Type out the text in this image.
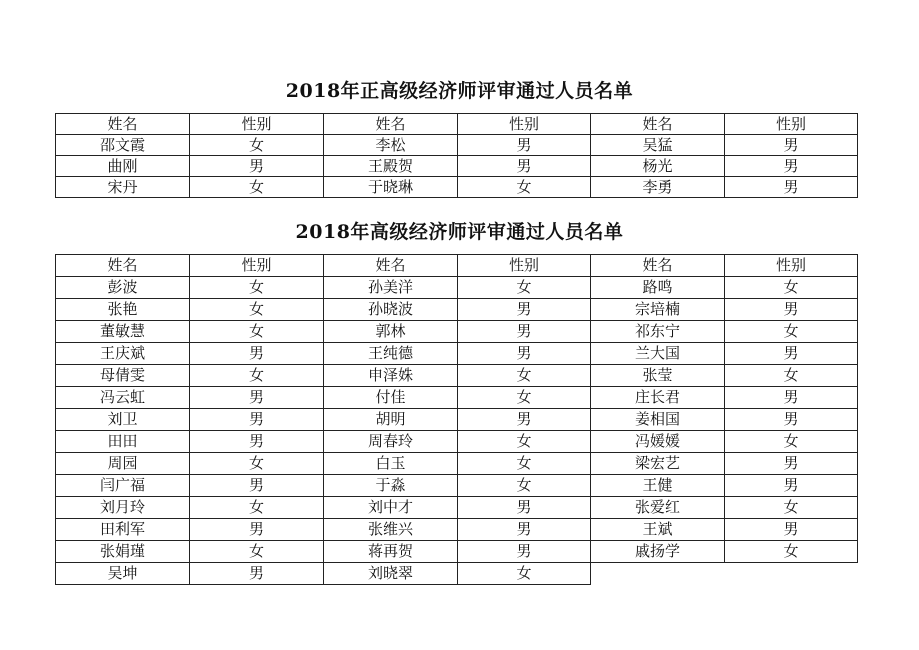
2018年正高级经济师评审通过人员名单
姓名	性别	姓名	性别	姓名	性别
邵文霞	女	李松	男	吴猛	男
曲刚	男	王殿贺	男	杨光	男
宋丹	女	于晓琳	女	李勇	男
2018年高级经济师评审通过人员名单
姓名	性别	姓名	性别	姓名	性别
彭波	女	孙美洋	女	路鸣	女
张艳	女	孙晓波	男	宗培楠	男
董敏慧	女	郭林	男	祁东宁	女
王庆斌	男	王纯德	男	兰大国	男
母倩雯	女	申泽姝	女	张莹	女
冯云虹	男	付佳	女	庄长君	男
刘卫	男	胡明	男	姜相国	男
田田	男	周春玲	女	冯媛媛	女
周园	女	白玉	女	梁宏艺	男
闫广福	男	于淼	女	王健	男
刘月玲	女	刘中才	男	张爱红	女
田利军	男	张维兴	男	王斌	男
张娟瑾	女	蒋再贺	男	戚扬学	女
吴坤	男	刘晓翠	女		
